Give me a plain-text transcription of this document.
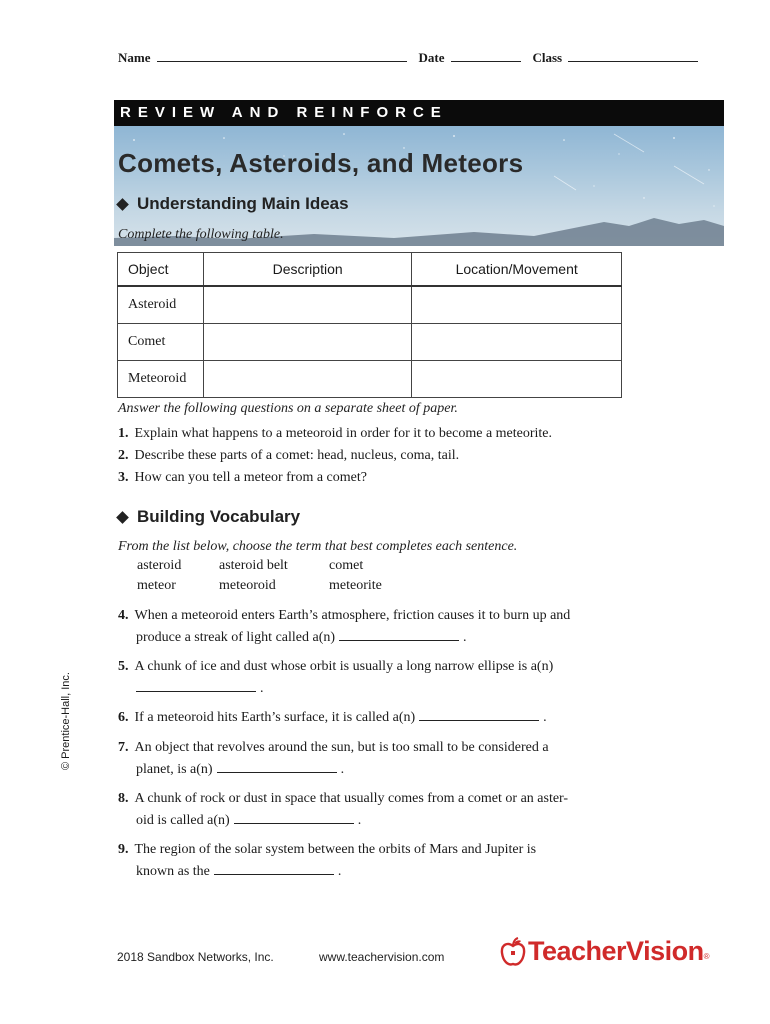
Name	Date	Class
REVIEW AND REINFORCE
Comets, Asteroids, and Meteors
Understanding Main Ideas
Complete the following table.
Object	Description	Location/Movement
Asteroid		
Comet		
Meteoroid		
Answer the following questions on a separate sheet of paper.
1. Explain what happens to a meteoroid in order for it to become a meteorite.
2. Describe these parts of a comet: head, nucleus, coma, tail.
3. How can you tell a meteor from a comet?
Building Vocabulary
From the list below, choose the term that best completes each sentence.
asteroid	asteroid belt	comet
meteor	meteoroid	meteorite
4. When a meteoroid enters Earth’s atmosphere, friction causes it to burn up and
produce a streak of light called a(n)	.
5. A chunk of ice and dust whose orbit is usually a long narrow ellipse is a(n)
.
6. If a meteoroid hits Earth’s surface, it is called a(n)	.
7. An object that revolves around the sun, but is too small to be considered a
planet, is a(n)	.
8. A chunk of rock or dust in space that usually comes from a comet or an aster-
oid is called a(n)	.
9. The region of the solar system between the orbits of Mars and Jupiter is
known as the	.
© Prentice-Hall, Inc.
2018 Sandbox Networks, Inc.	www.teachervision.com	TeacherVision ®
